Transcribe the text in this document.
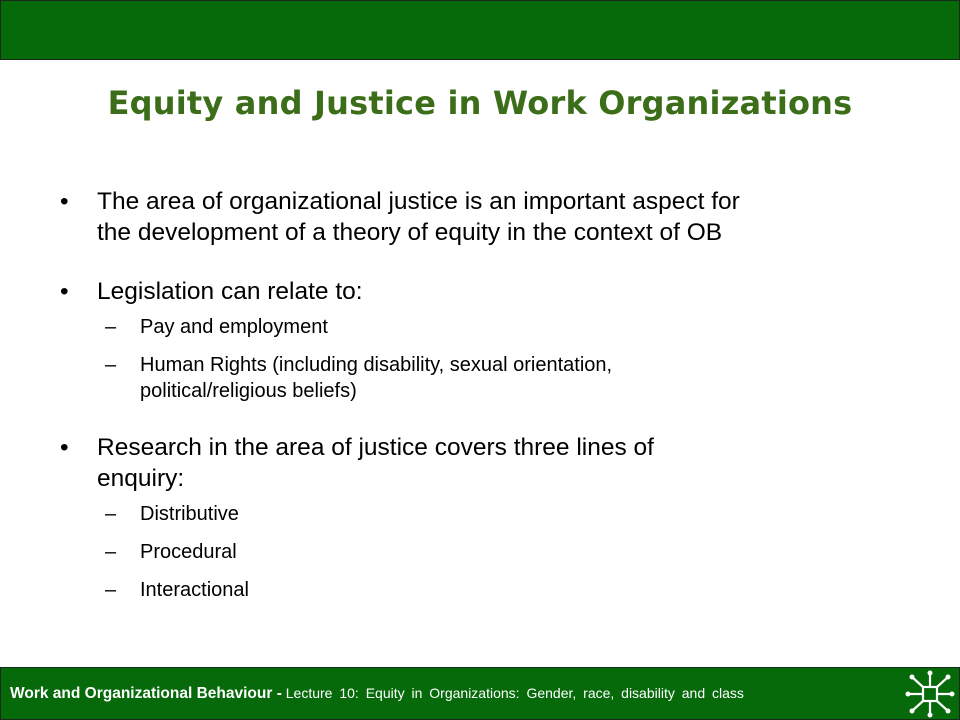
Equity and Justice in Work Organizations
• The area of organizational justice is an important aspect for
the development of a theory of equity in the context of OB
• Legislation can relate to:
– Pay and employment
– Human Rights (including disability, sexual orientation,
political/religious beliefs)
• Research in the area of justice covers three lines of
enquiry:
– Distributive
– Procedural
– Interactional
Work and Organizational Behaviour - Lecture 10: Equity in Organizations: Gender, race, disability and class
